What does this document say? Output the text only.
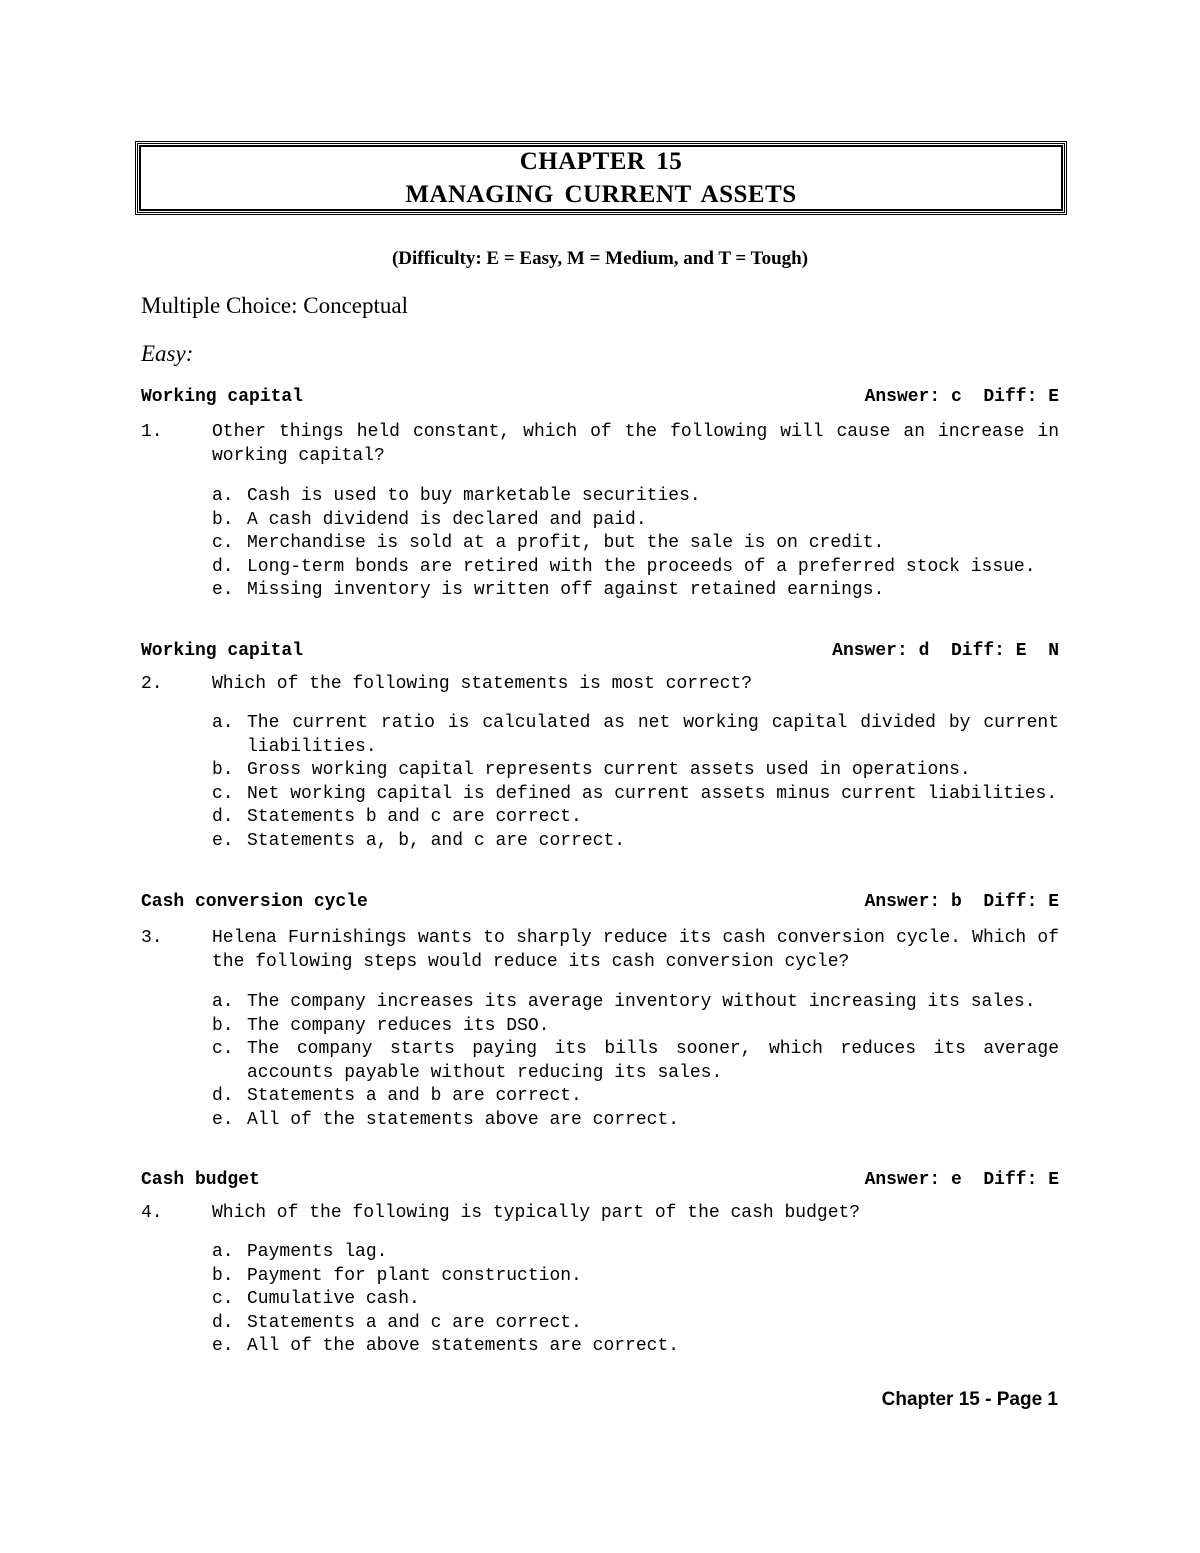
CHAPTER 15
MANAGING CURRENT ASSETS
(Difficulty: E = Easy, M = Medium, and T = Tough)
Multiple Choice: Conceptual
Easy:
Working capital	Answer: c  Diff: E
1.	Other things held constant, which of the following will cause an increase in working capital?
a. Cash is used to buy marketable securities.
b. A cash dividend is declared and paid.
c. Merchandise is sold at a profit, but the sale is on credit.
d. Long-term bonds are retired with the proceeds of a preferred stock issue.
e. Missing inventory is written off against retained earnings.
Working capital	Answer: d  Diff: E  N
2.	Which of the following statements is most correct?
a. The current ratio is calculated as net working capital divided by current liabilities.
b. Gross working capital represents current assets used in operations.
c. Net working capital is defined as current assets minus current liabilities.
d. Statements b and c are correct.
e. Statements a, b, and c are correct.
Cash conversion cycle	Answer: b  Diff: E
3.	Helena Furnishings wants to sharply reduce its cash conversion cycle. Which of the following steps would reduce its cash conversion cycle?
a. The company increases its average inventory without increasing its sales.
b. The company reduces its DSO.
c. The company starts paying its bills sooner, which reduces its average accounts payable without reducing its sales.
d. Statements a and b are correct.
e. All of the statements above are correct.
Cash budget	Answer: e  Diff: E
4.	Which of the following is typically part of the cash budget?
a. Payments lag.
b. Payment for plant construction.
c. Cumulative cash.
d. Statements a and c are correct.
e. All of the above statements are correct.
Chapter 15 - Page 1
